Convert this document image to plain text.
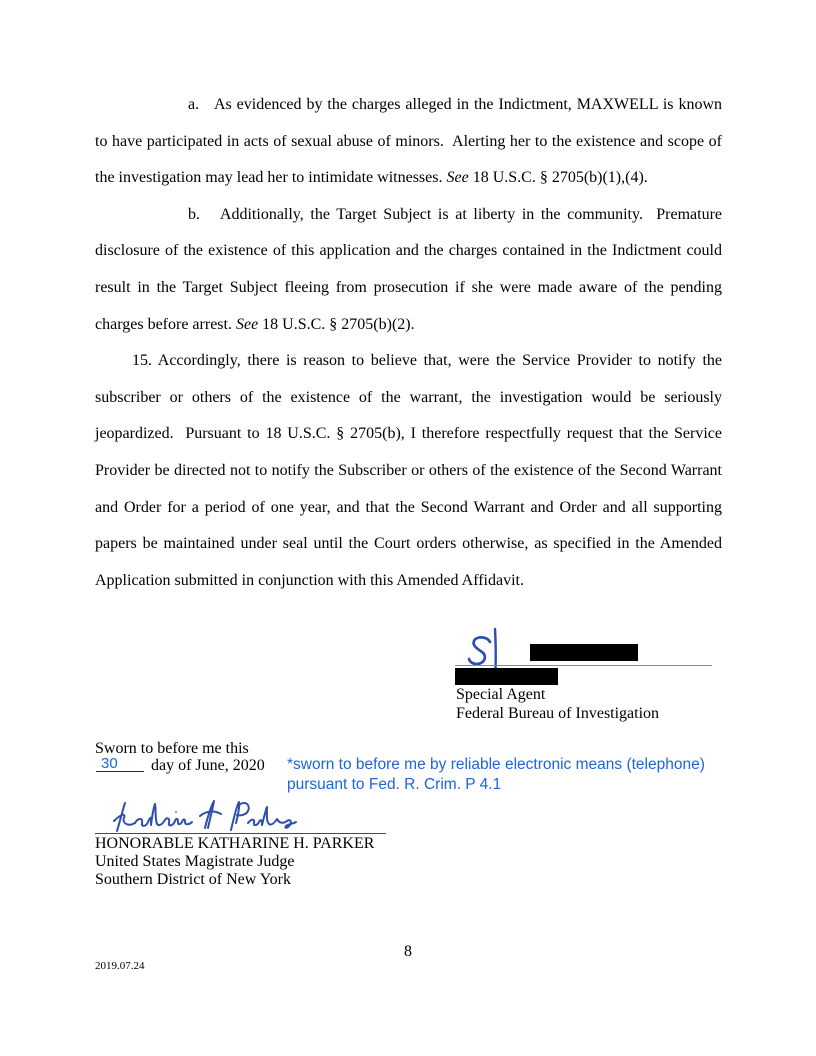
a.   As evidenced by the charges alleged in the Indictment, MAXWELL is known to have participated in acts of sexual abuse of minors.  Alerting her to the existence and scope of the investigation may lead her to intimidate witnesses. See 18 U.S.C. § 2705(b)(1),(4).

b.   Additionally, the Target Subject is at liberty in the community.  Premature disclosure of the existence of this application and the charges contained in the Indictment could result in the Target Subject fleeing from prosecution if she were made aware of the pending charges before arrest. See 18 U.S.C. § 2705(b)(2).

15. Accordingly, there is reason to believe that, were the Service Provider to notify the subscriber or others of the existence of the warrant, the investigation would be seriously jeopardized.  Pursuant to 18 U.S.C. § 2705(b), I therefore respectfully request that the Service Provider be directed not to notify the Subscriber or others of the existence of the Second Warrant and Order for a period of one year, and that the Second Warrant and Order and all supporting papers be maintained under seal until the Court orders otherwise, as specified in the Amended Application submitted in conjunction with this Amended Affidavit.

Special Agent
Federal Bureau of Investigation
Sworn to before me this
30 day of June, 2020 *sworn to before me by reliable electronic means (telephone)
pursuant to Fed. R. Crim. P 4.1
HONORABLE KATHARINE H. PARKER
United States Magistrate Judge
Southern District of New York
8
2019.07.24
